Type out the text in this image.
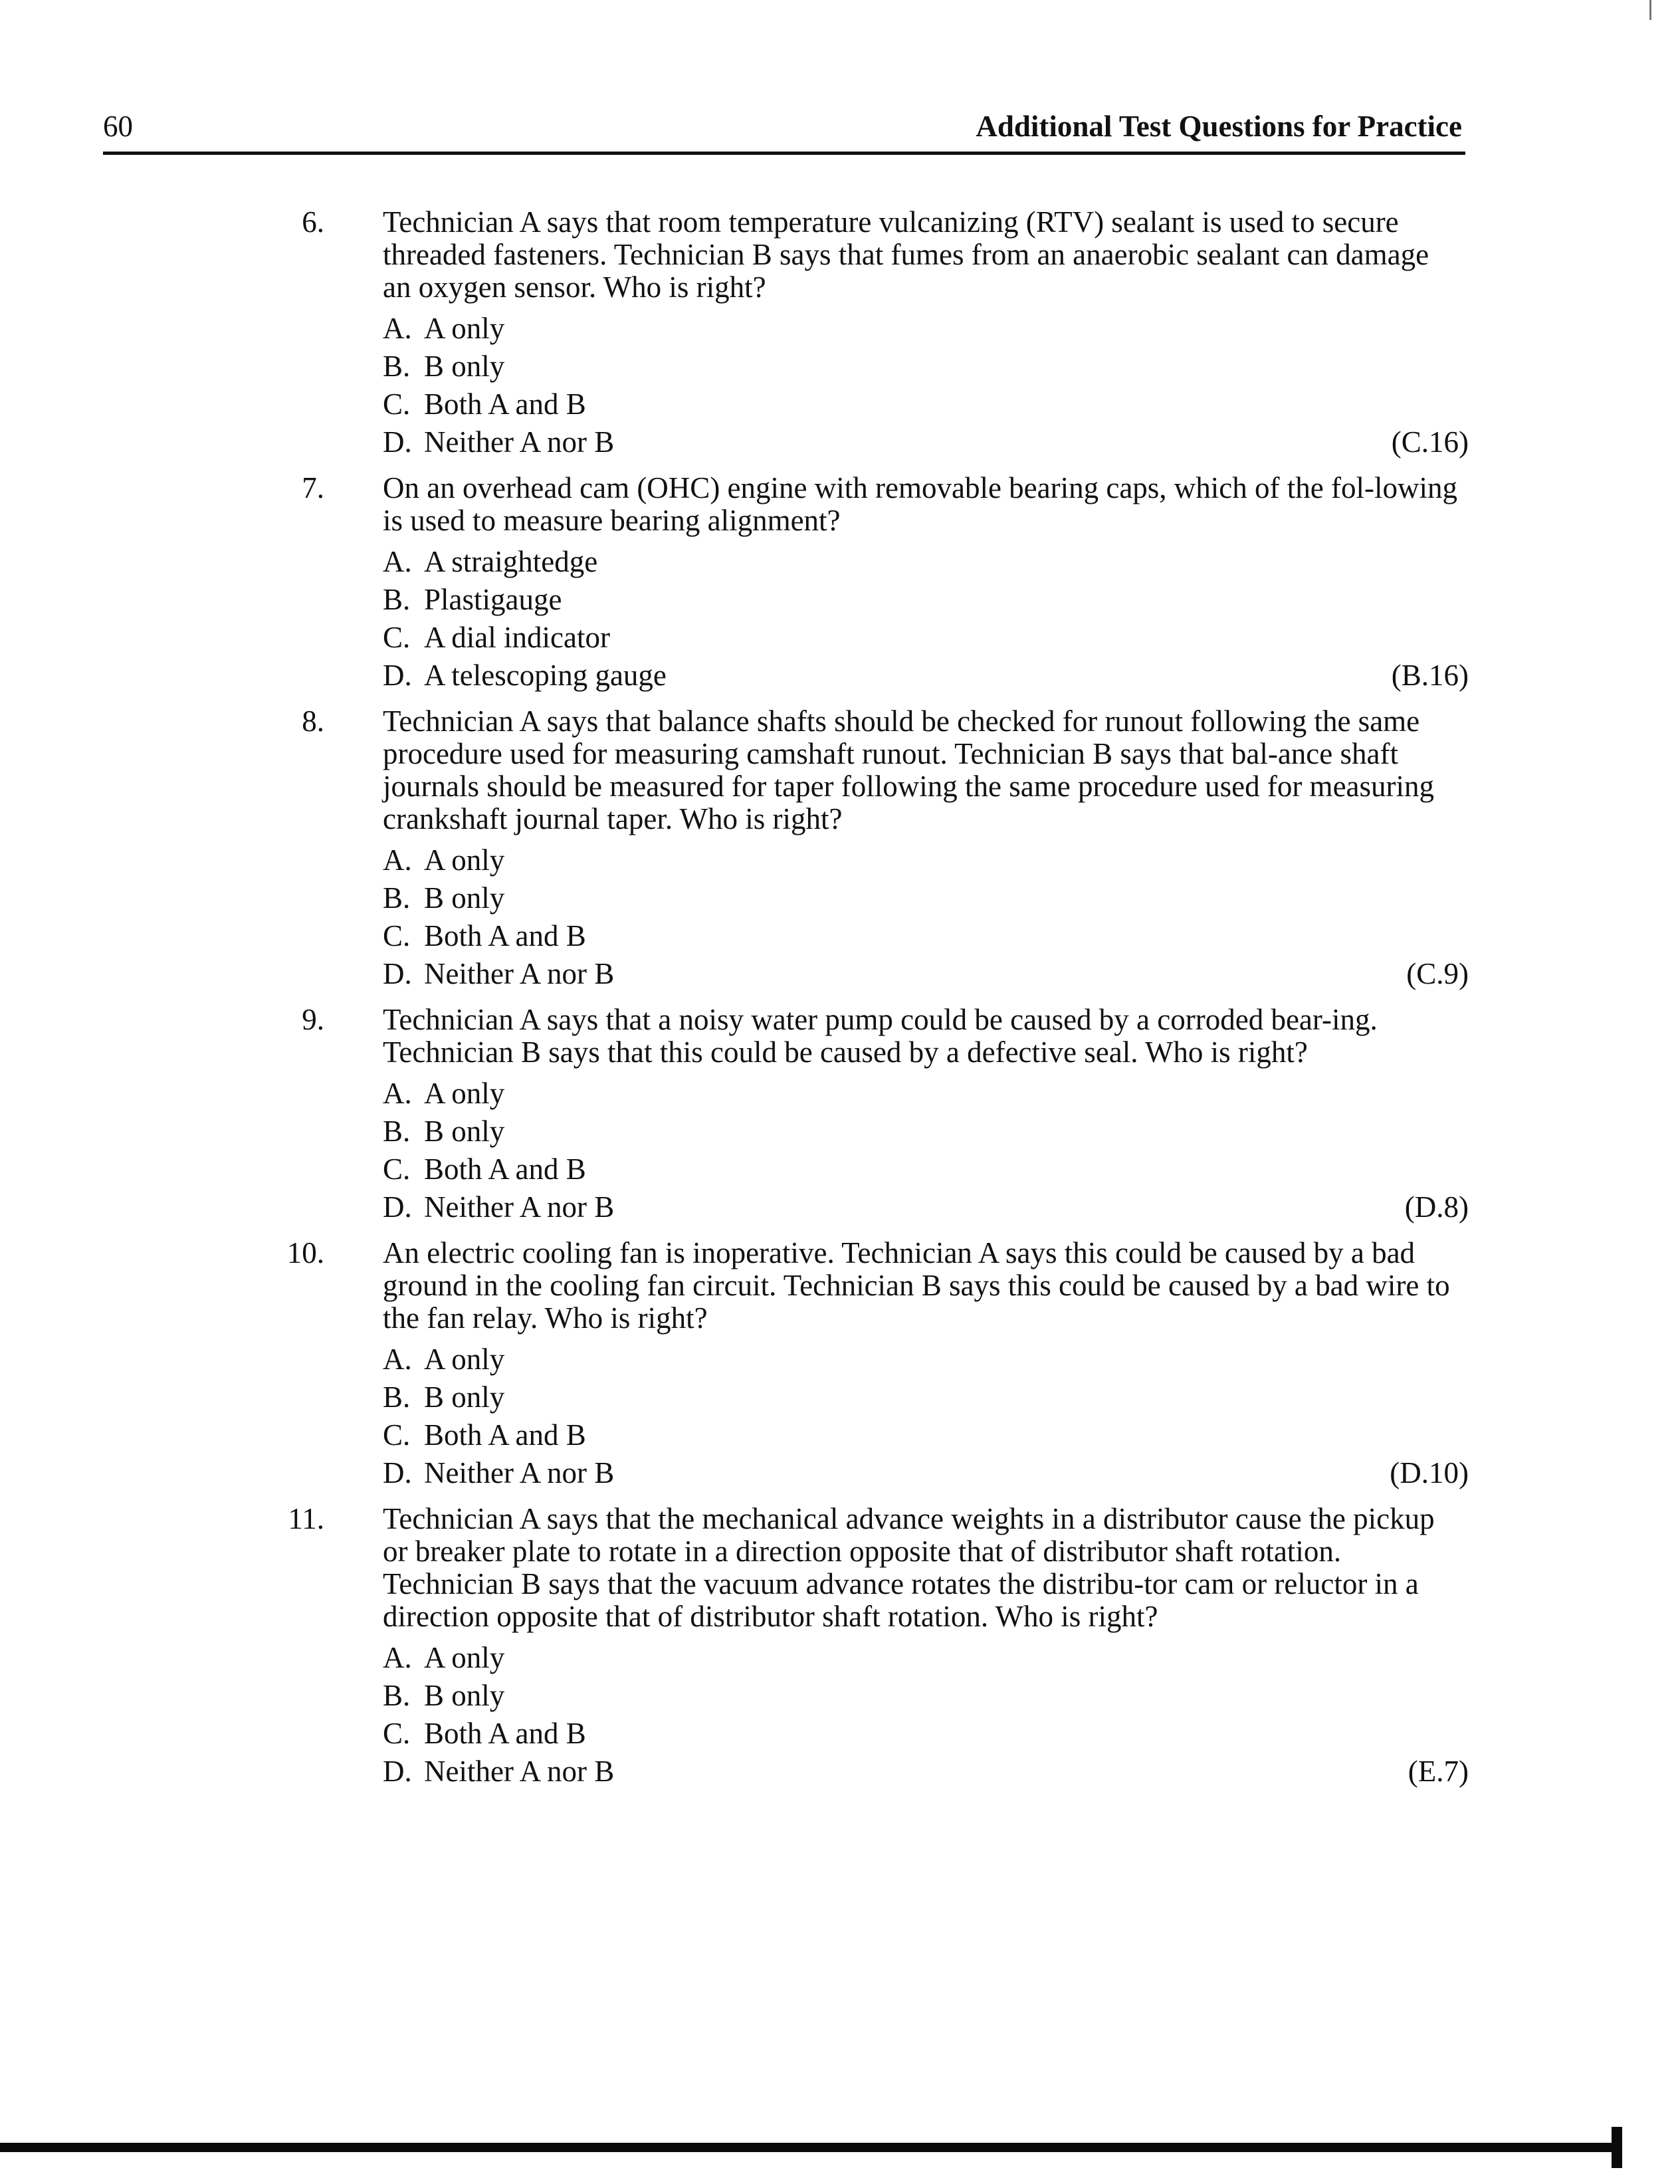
60	Additional Test Questions for Practice
6. Technician A says that room temperature vulcanizing (RTV) sealant is used to secure threaded fasteners. Technician B says that fumes from an anaerobic sealant can damage an oxygen sensor. Who is right?
A. A only
B. B only
C. Both A and B
D. Neither A nor B	(C.16)
7. On an overhead cam (OHC) engine with removable bearing caps, which of the fol-lowing is used to measure bearing alignment?
A. A straightedge
B. Plastigauge
C. A dial indicator
D. A telescoping gauge	(B.16)
8. Technician A says that balance shafts should be checked for runout following the same procedure used for measuring camshaft runout. Technician B says that bal-ance shaft journals should be measured for taper following the same procedure used for measuring crankshaft journal taper. Who is right?
A. A only
B. B only
C. Both A and B
D. Neither A nor B	(C.9)
9. Technician A says that a noisy water pump could be caused by a corroded bear-ing. Technician B says that this could be caused by a defective seal. Who is right?
A. A only
B. B only
C. Both A and B
D. Neither A nor B	(D.8)
10. An electric cooling fan is inoperative. Technician A says this could be caused by a bad ground in the cooling fan circuit. Technician B says this could be caused by a bad wire to the fan relay. Who is right?
A. A only
B. B only
C. Both A and B
D. Neither A nor B	(D.10)
11. Technician A says that the mechanical advance weights in a distributor cause the pickup or breaker plate to rotate in a direction opposite that of distributor shaft rotation. Technician B says that the vacuum advance rotates the distribu-tor cam or reluctor in a direction opposite that of distributor shaft rotation. Who is right?
A. A only
B. B only
C. Both A and B
D. Neither A nor B	(E.7)
